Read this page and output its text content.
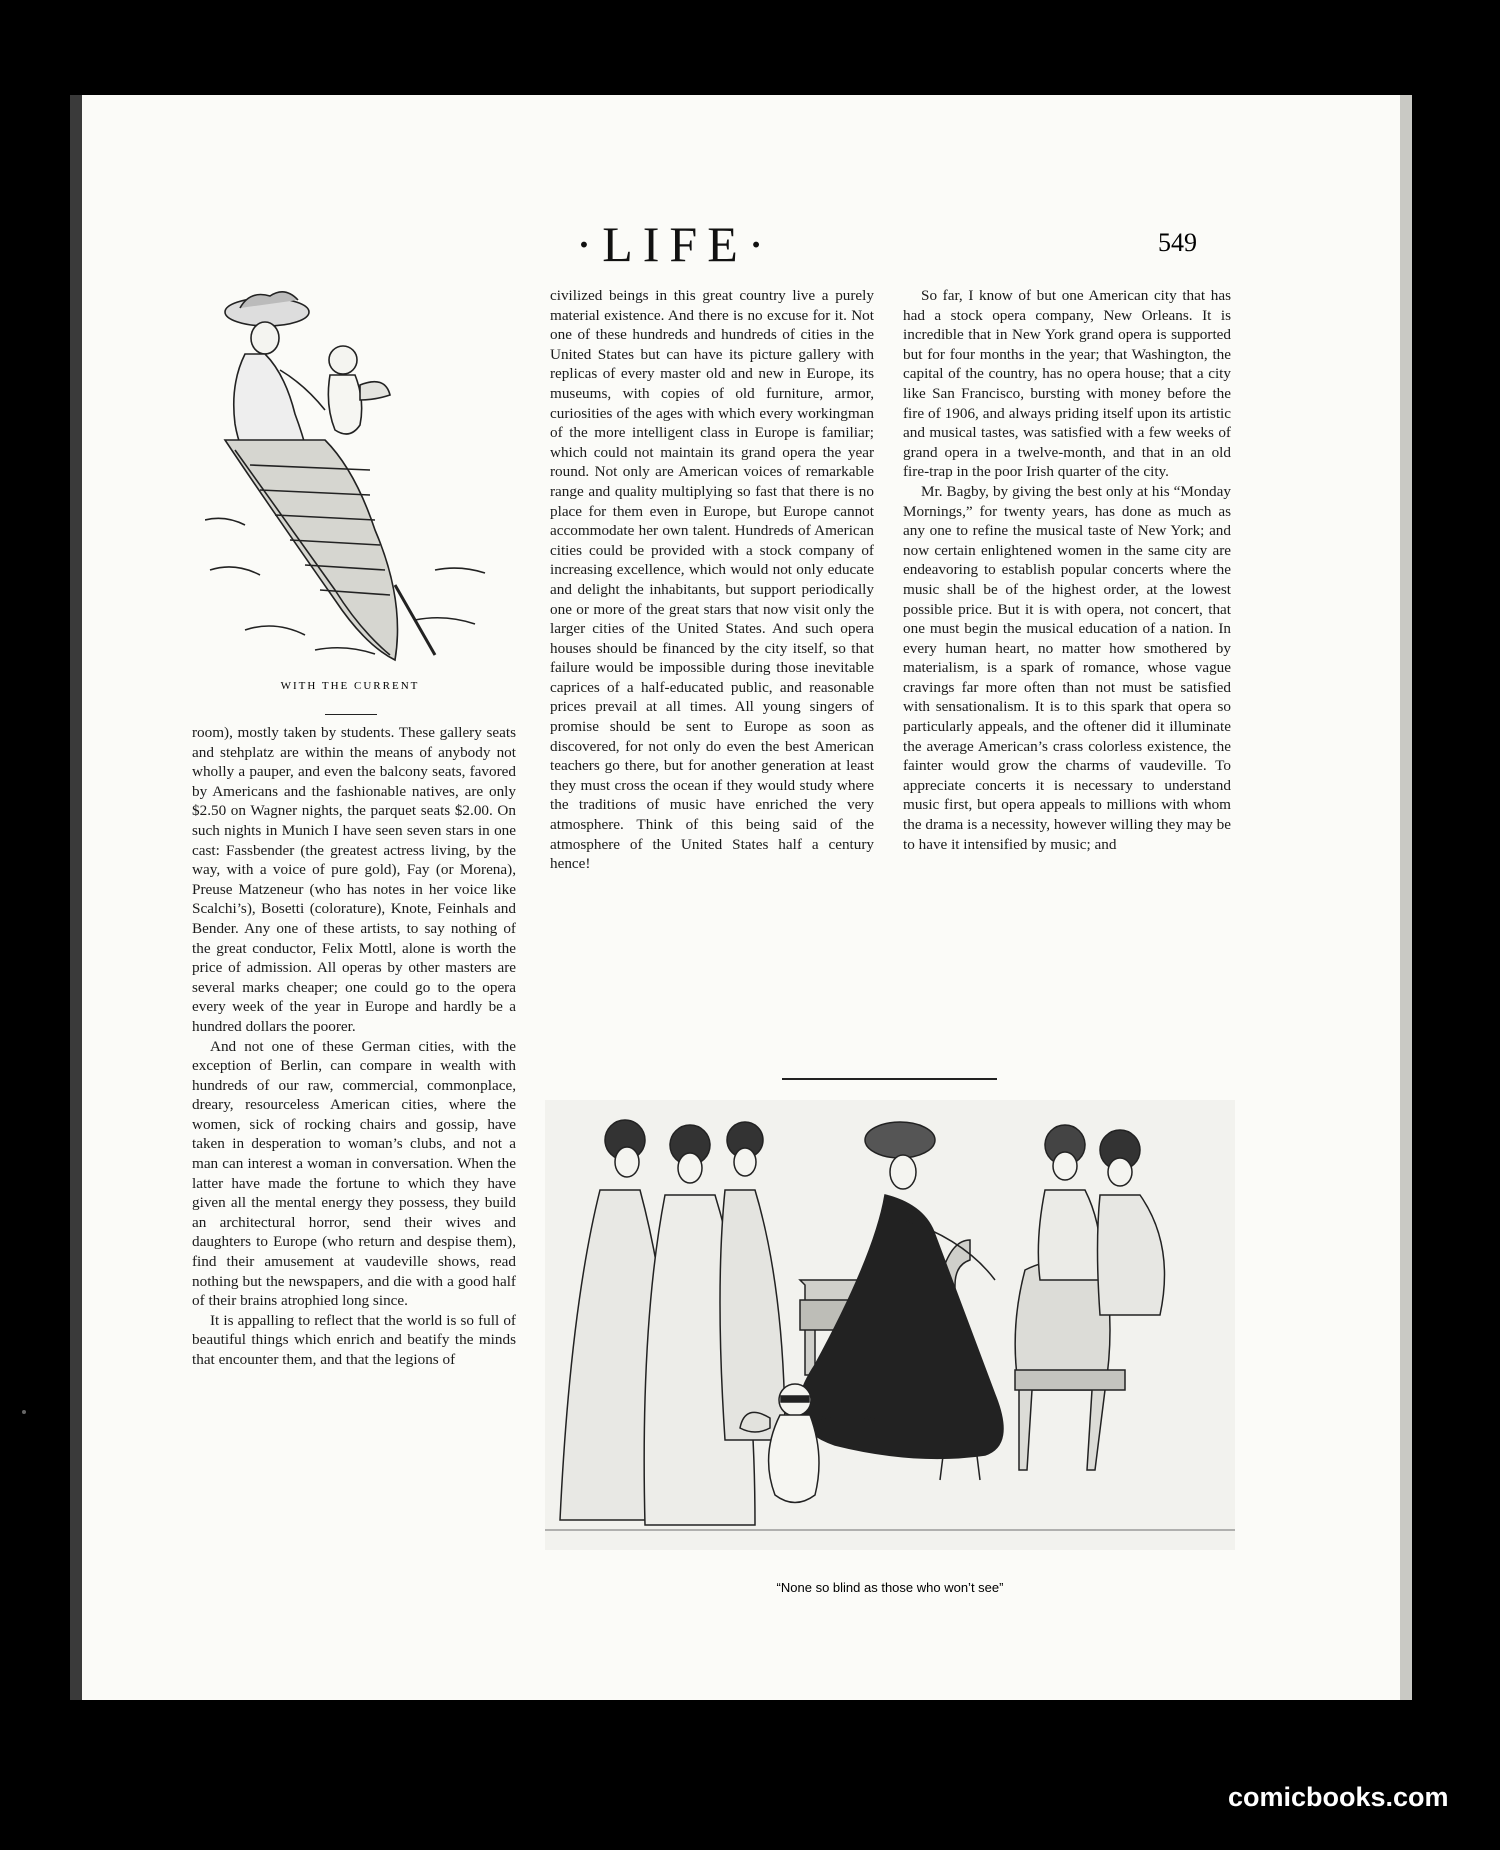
·LIFE·	549
WITH THE CURRENT

room), mostly taken by students. These gallery seats and stehplatz are within the means of anybody not wholly a pauper, and even the balcony seats, favored by Americans and the fashionable natives, are only $2.50 on Wagner nights, the parquet seats $2.00. On such nights in Munich I have seen seven stars in one cast: Fassbender (the greatest actress living, by the way, with a voice of pure gold), Fay (or Morena), Preuse Matzeneur (who has notes in her voice like Scalchi’s), Bosetti (colorature), Knote, Feinhals and Bender. Any one of these artists, to say nothing of the great conductor, Felix Mottl, alone is worth the price of admission. All operas by other masters are several marks cheaper; one could go to the opera every week of the year in Europe and hardly be a hundred dollars the poorer.

And not one of these German cities, with the exception of Berlin, can compare in wealth with hundreds of our raw, commercial, commonplace, dreary, resourceless American cities, where the women, sick of rocking chairs and gossip, have taken in desperation to woman’s clubs, and not a man can interest a woman in conversation. When the latter have made the fortune to which they have given all the mental energy they possess, they build an architectural horror, send their wives and daughters to Europe (who return and despise them), find their amusement at vaudeville shows, read nothing but the newspapers, and die with a good half of their brains atrophied long since.

It is appalling to reflect that the world is so full of beautiful things which enrich and beatify the minds that encounter them, and that the legions of

civilized beings in this great country live a purely material existence. And there is no excuse for it. Not one of these hundreds and hundreds of cities in the United States but can have its picture gallery with replicas of every master old and new in Europe, its museums, with copies of old furniture, armor, curiosities of the ages with which every workingman of the more intelligent class in Europe is familiar; which could not maintain its grand opera the year round. Not only are American voices of remarkable range and quality multiplying so fast that there is no place for them even in Europe, but Europe cannot accommodate her own talent. Hundreds of American cities could be provided with a stock company of increasing excellence, which would not only educate and delight the inhabitants, but support periodically one or more of the great stars that now visit only the larger cities of the United States. And such opera houses should be financed by the city itself, so that failure would be impossible during those inevitable caprices of a half-educated public, and reasonable prices prevail at all times. All young singers of promise should be sent to Europe as soon as discovered, for not only do even the best American teachers go there, but for another generation at least they must cross the ocean if they would study where the traditions of music have enriched the very atmosphere. Think of this being said of the atmosphere of the United States half a century hence!

So far, I know of but one American city that has had a stock opera company, New Orleans. It is incredible that in New York grand opera is supported but for four months in the year; that Washington, the capital of the country, has no opera house; that a city like San Francisco, bursting with money before the fire of 1906, and always priding itself upon its artistic and musical tastes, was satisfied with a few weeks of grand opera in a twelve-month, and that in an old fire-trap in the poor Irish quarter of the city.

Mr. Bagby, by giving the best only at his “Monday Mornings,” for twenty years, has done as much as any one to refine the musical taste of New York; and now certain enlightened women in the same city are endeavoring to establish popular concerts where the music shall be of the highest order, at the lowest possible price. But it is with opera, not concert, that one must begin the musical education of a nation. In every human heart, no matter how smothered by materialism, is a spark of romance, whose vague cravings far more often than not must be satisfied with sensationalism. It is to this spark that opera so particularly appeals, and the oftener did it illuminate the average American’s crass colorless existence, the fainter would grow the charms of vaudeville. To appreciate concerts it is necessary to understand music first, but opera appeals to millions with whom the drama is a necessity, however willing they may be to have it intensified by music; and

“None so blind as those who won’t see”
comicbooks.com
